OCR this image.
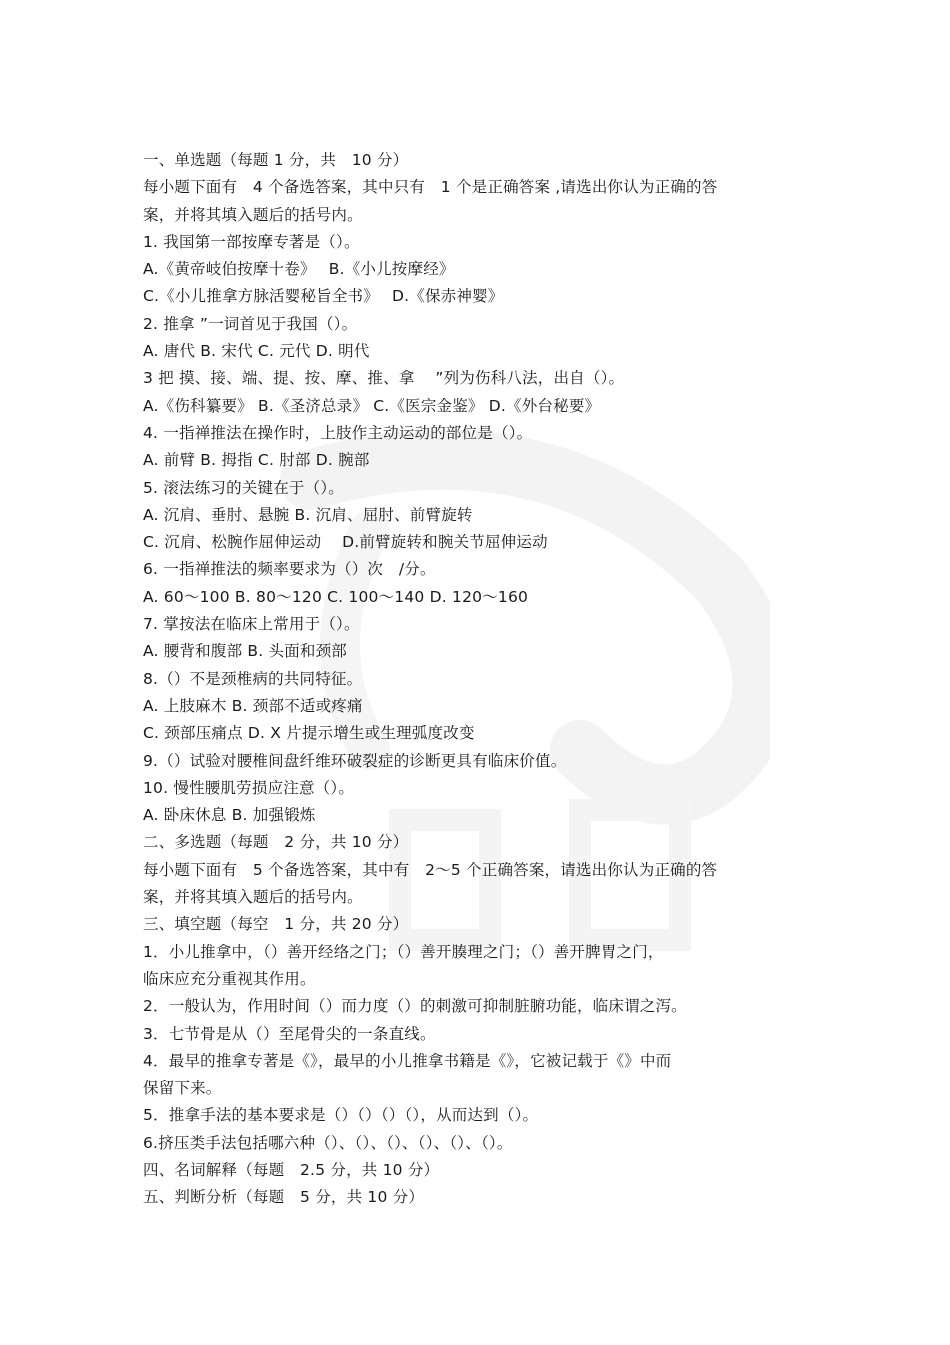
一、单选题（每题 1 分，共　10 分）
每小题下面有　4 个备选答案，其中只有　1 个是正确答案 ,请选出你认为正确的答
案，并将其填入题后的括号内。
1. 我国第一部按摩专著是（）。
A.《黄帝岐伯按摩十卷》　 B.《小儿按摩经》
C.《小儿推拿方脉活婴秘旨全书》　 D.《保赤神婴》
2. 推拿 ”一词首见于我国（）。
A. 唐代 B. 宋代 C. 元代 D. 明代
3 把 摸、接、端、提、按、摩、推、拿　 ”列为伤科八法，出自（）。
A.《伤科纂要》 B.《圣济总录》 C.《医宗金鉴》 D.《外台秘要》
4. 一指禅推法在操作时，上肢作主动运动的部位是（）。
A. 前臂 B. 拇指 C. 肘部 D. 腕部
5. 滚法练习的关键在于（）。
A. 沉肩、垂肘、悬腕 B. 沉肩、屈肘、前臂旋转
C. 沉肩、松腕作屈伸运动　 D.前臂旋转和腕关节屈伸运动
6. 一指禅推法的频率要求为（）次　/分。
A. 60～100 B. 80～120 C. 100～140 D. 120～160
7. 掌按法在临床上常用于（）。
A. 腰背和腹部 B. 头面和颈部
8.（）不是颈椎病的共同特征。
A. 上肢麻木 B. 颈部不适或疼痛
C. 颈部压痛点 D. X 片提示增生或生理弧度改变
9.（）试验对腰椎间盘纤维环破裂症的诊断更具有临床价值。
10. 慢性腰肌劳损应注意（）。
A. 卧床休息 B. 加强锻炼
二、多选题（每题　2 分，共 10 分）
每小题下面有　5 个备选答案，其中有　2～5 个正确答案，请选出你认为正确的答
案，并将其填入题后的括号内。
三、填空题（每空　1 分，共 20 分）
1．小儿推拿中，（）善开经络之门；（）善开腠理之门；（）善开脾胃之门，
临床应充分重视其作用。
2．一般认为，作用时间（）而力度（）的刺激可抑制脏腑功能，临床谓之泻。
3．七节骨是从（）至尾骨尖的一条直线。
4．最早的推拿专著是《》，最早的小儿推拿书籍是《》，它被记载于《》中而
保留下来。
5．推拿手法的基本要求是（）（）（）（），从而达到（）。
6.挤压类手法包括哪六种（）、（）、（）、（）、（）、（）。
四、名词解释（每题　2.5 分，共 10 分）
五、判断分析（每题　5 分，共 10 分）
